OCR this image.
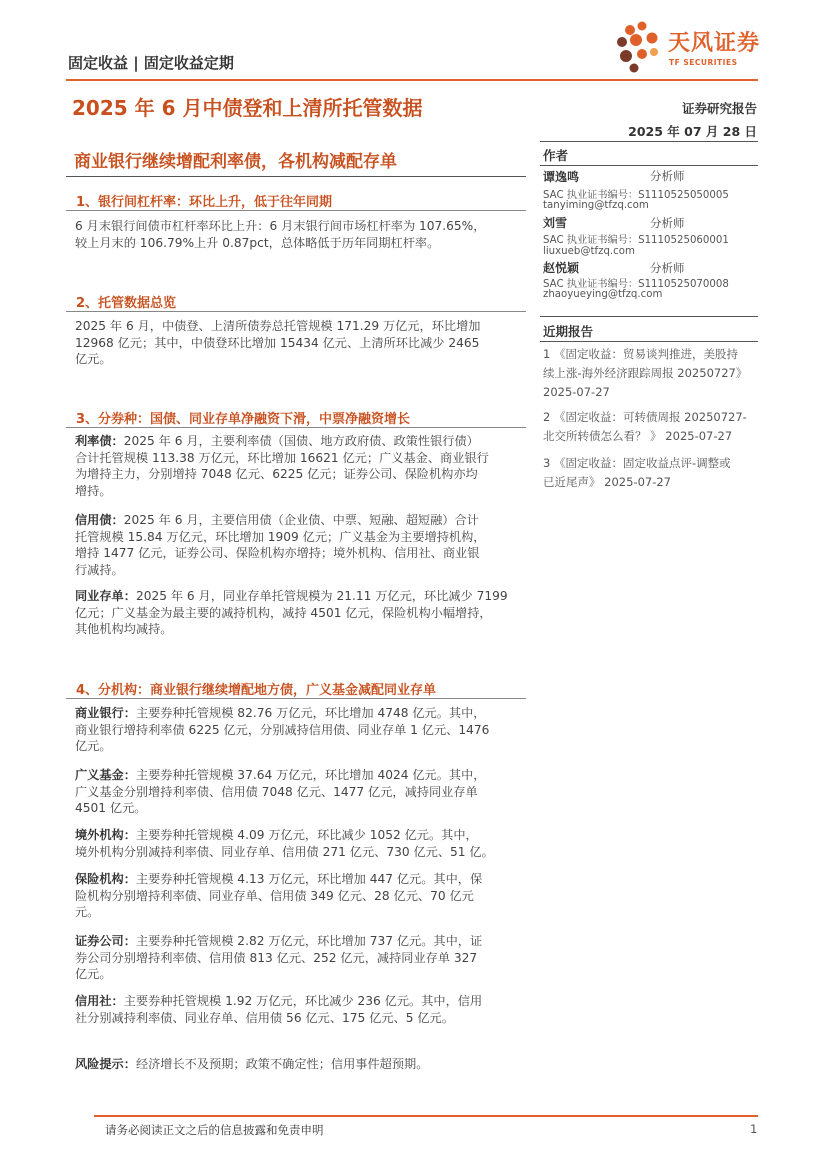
固定收益 | 固定收益定期
天风证券
TF SECURITIES
2025 年 6 月中债登和上清所托管数据	证券研究报告
2025 年 07 月 28 日
商业银行继续增配利率债，各机构减配存单
1、银行间杠杆率：环比上升，低于往年同期
6 月末银行间债市杠杆率环比上升：6 月末银行间市场杠杆率为 107.65%，
较上月末的 106.79%上升 0.87pct，总体略低于历年同期杠杆率。
2、托管数据总览
2025 年 6 月，中债登、上清所债券总托管规模 171.29 万亿元，环比增加
12968 亿元；其中，中债登环比增加 15434 亿元、上清所环比减少 2465
亿元。
3、分券种：国债、同业存单净融资下滑，中票净融资增长
利率债：2025 年 6 月，主要利率债（国债、地方政府债、政策性银行债）
合计托管规模 113.38 万亿元，环比增加 16621 亿元；广义基金、商业银行
为增持主力，分别增持 7048 亿元、6225 亿元；证券公司、保险机构亦均
增持。
信用债：2025 年 6 月，主要信用债（企业债、中票、短融、超短融）合计
托管规模 15.84 万亿元，环比增加 1909 亿元；广义基金为主要增持机构，
增持 1477 亿元，证券公司、保险机构亦增持；境外机构、信用社、商业银
行减持。
同业存单：2025 年 6 月，同业存单托管规模为 21.11 万亿元，环比减少 7199
亿元；广义基金为最主要的减持机构，减持 4501 亿元，保险机构小幅增持，
其他机构均减持。
4、分机构：商业银行继续增配地方债，广义基金减配同业存单
商业银行：主要券种托管规模 82.76 万亿元，环比增加 4748 亿元。其中，
商业银行增持利率债 6225 亿元，分别减持信用债、同业存单 1 亿元、1476
亿元。
广义基金：主要券种托管规模 37.64 万亿元，环比增加 4024 亿元。其中，
广义基金分别增持利率债、信用债 7048 亿元、1477 亿元，减持同业存单
4501 亿元。
境外机构：主要券种托管规模 4.09 万亿元，环比减少 1052 亿元。其中，
境外机构分别减持利率债、同业存单、信用债 271 亿元、730 亿元、51 亿。
保险机构：主要券种托管规模 4.13 万亿元，环比增加 447 亿元。其中，保
险机构分别增持利率债、同业存单、信用债 349 亿元、28 亿元、70 亿元
元。
证券公司：主要券种托管规模 2.82 万亿元，环比增加 737 亿元。其中，证
券公司分别增持利率债、信用债 813 亿元、252 亿元，减持同业存单 327
亿元。
信用社：主要券种托管规模 1.92 万亿元，环比减少 236 亿元。其中，信用
社分别减持利率债、同业存单、信用债 56 亿元、175 亿元、5 亿元。
风险提示：经济增长不及预期；政策不确定性；信用事件超预期。
作者
谭逸鸣	分析师
SAC 执业证书编号：S1110525050005
tanyiming@tfzq.com
刘雪	分析师
SAC 执业证书编号：S1110525060001
liuxueb@tfzq.com
赵悦颖	分析师
SAC 执业证书编号：S1110525070008
zhaoyueying@tfzq.com
近期报告
1 《固定收益：贸易谈判推进，美股持
续上涨-海外经济跟踪周报 20250727》
2025-07-27
2 《固定收益：可转债周报 20250727-
北交所转债怎么看？ 》 2025-07-27
3 《固定收益：固定收益点评-调整或
已近尾声》 2025-07-27
请务必阅读正文之后的信息披露和免责申明	1
